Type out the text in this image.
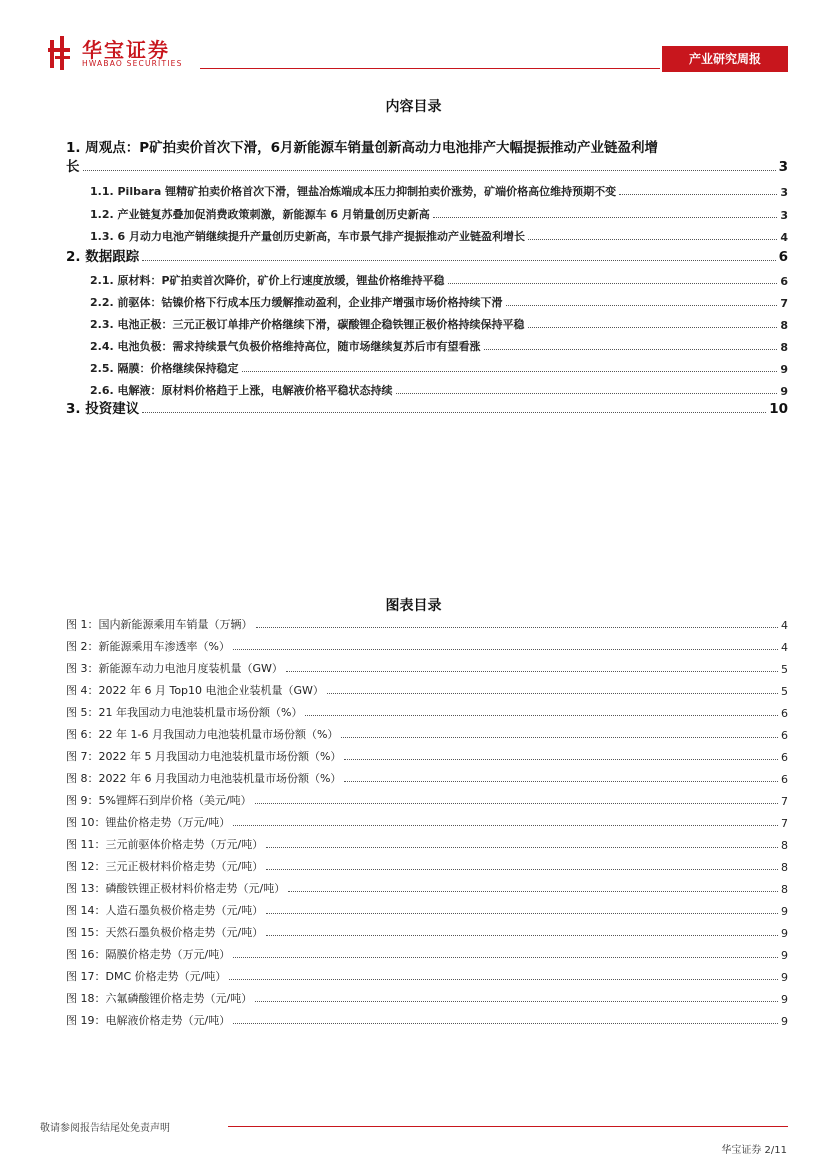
华宝证券
HWABAO SECURITIES	产业研究周报
内容目录
1. 周观点：P矿拍卖价首次下滑，6月新能源车销量创新高动力电池排产大幅提振推动产业链盈利增
长	3
1.1. Pilbara 锂精矿拍卖价格首次下滑，锂盐冶炼端成本压力抑制拍卖价涨势，矿端价格高位维持预期不变	3
1.2. 产业链复苏叠加促消费政策刺激，新能源车 6 月销量创历史新高	3
1.3. 6 月动力电池产销继续提升产量创历史新高，车市景气排产提振推动产业链盈利增长	4
2. 数据跟踪	6
2.1. 原材料：P矿拍卖首次降价，矿价上行速度放缓，锂盐价格维持平稳	6
2.2. 前驱体：钴镍价格下行成本压力缓解推动盈利，企业排产增强市场价格持续下滑	7
2.3. 电池正极：三元正极订单排产价格继续下滑，碳酸锂企稳铁锂正极价格持续保持平稳	8
2.4. 电池负极：需求持续景气负极价格维持高位，随市场继续复苏后市有望看涨	8
2.5. 隔膜：价格继续保持稳定	9
2.6. 电解液：原材料价格趋于上涨，电解液价格平稳状态持续	9
3. 投资建议	10
图表目录
图 1：国内新能源乘用车销量（万辆）	4
图 2：新能源乘用车渗透率（%）	4
图 3：新能源车动力电池月度装机量（GW）	5
图 4：2022 年 6 月 Top10 电池企业装机量（GW）	5
图 5：21 年我国动力电池装机量市场份额（%）	6
图 6：22 年 1-6 月我国动力电池装机量市场份额（%）	6
图 7：2022 年 5 月我国动力电池装机量市场份额（%）	6
图 8：2022 年 6 月我国动力电池装机量市场份额（%）	6
图 9：5%锂辉石到岸价格（美元/吨）	7
图 10：锂盐价格走势（万元/吨）	7
图 11：三元前驱体价格走势（万元/吨）	8
图 12：三元正极材料价格走势（元/吨）	8
图 13：磷酸铁锂正极材料价格走势（元/吨）	8
图 14：人造石墨负极价格走势（元/吨）	9
图 15：天然石墨负极价格走势（元/吨）	9
图 16：隔膜价格走势（万元/吨）	9
图 17：DMC 价格走势（元/吨）	9
图 18：六氟磷酸锂价格走势（元/吨）	9
图 19：电解液价格走势（元/吨）	9
敬请参阅报告结尾处免责声明
华宝证券 2/11
